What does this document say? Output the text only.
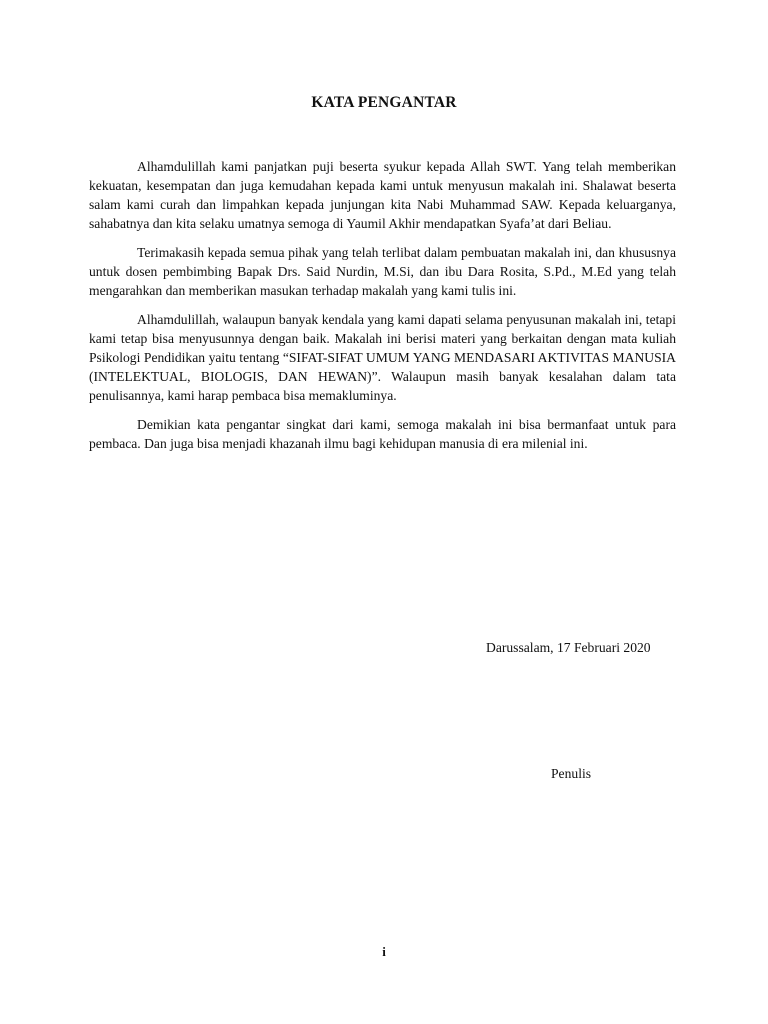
KATA PENGANTAR

Alhamdulillah kami panjatkan puji beserta syukur kepada Allah SWT. Yang telah memberikan kekuatan, kesempatan dan juga kemudahan kepada kami untuk menyusun makalah ini. Shalawat beserta salam kami curah dan limpahkan kepada junjungan kita Nabi Muhammad SAW. Kepada keluarganya, sahabatnya dan kita selaku umatnya semoga di Yaumil Akhir mendapatkan Syafa’at dari Beliau.

Terimakasih kepada semua pihak yang telah terlibat dalam pembuatan makalah ini, dan khususnya untuk dosen pembimbing Bapak Drs. Said Nurdin, M.Si, dan ibu Dara Rosita, S.Pd., M.Ed yang telah mengarahkan dan memberikan masukan terhadap makalah yang kami tulis ini.

Alhamdulillah, walaupun banyak kendala yang kami dapati selama penyusunan makalah ini, tetapi kami tetap bisa menyusunnya dengan baik. Makalah ini berisi materi yang berkaitan dengan mata kuliah Psikologi Pendidikan yaitu tentang “SIFAT-SIFAT UMUM YANG MENDASARI AKTIVITAS MANUSIA (INTELEKTUAL, BIOLOGIS, DAN HEWAN)”. Walaupun masih banyak kesalahan dalam tata penulisannya, kami harap pembaca bisa memakluminya.

Demikian kata pengantar singkat dari kami, semoga makalah ini bisa bermanfaat untuk para pembaca. Dan juga bisa menjadi khazanah ilmu bagi kehidupan manusia di era milenial ini.

Darussalam, 17 Februari 2020
Penulis
i
